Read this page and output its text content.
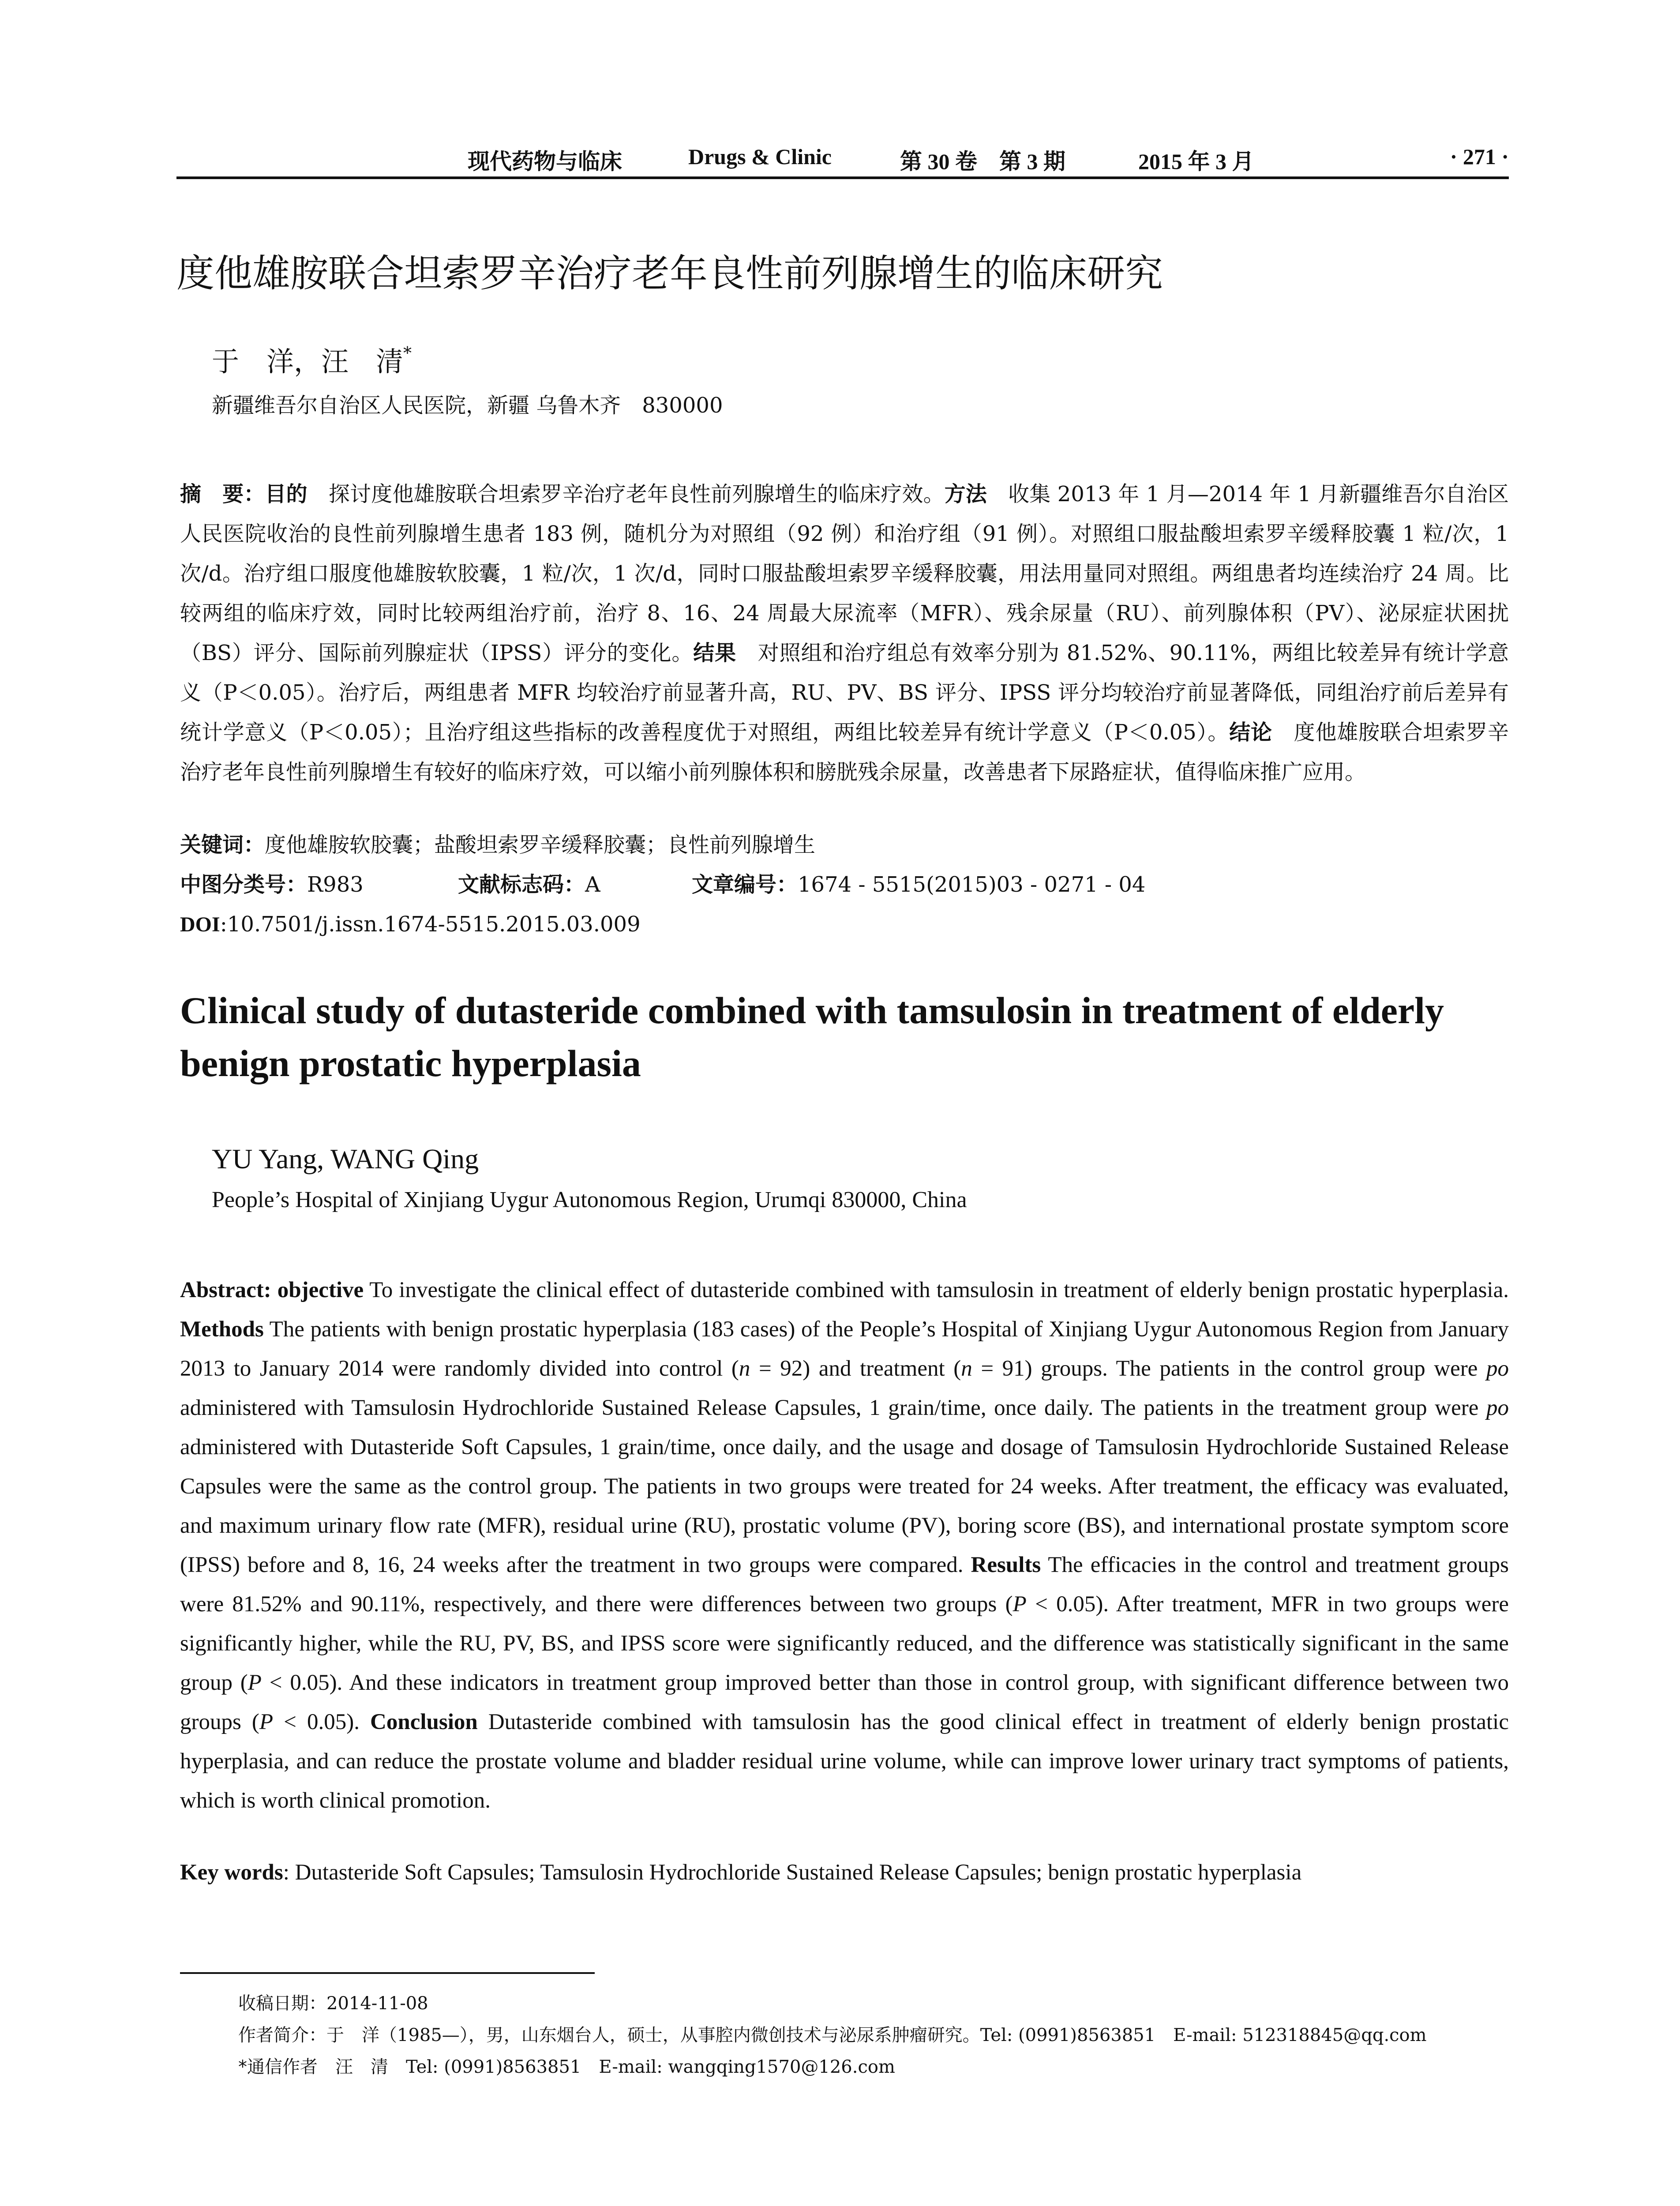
现代药物与临床	Drugs & Clinic	第 30 卷　第 3 期	2015 年 3 月	· 271 ·
度他雄胺联合坦索罗辛治疗老年良性前列腺增生的临床研究
于　洋，汪　清*
新疆维吾尔自治区人民医院，新疆 乌鲁木齐　830000
摘　要：目的　探讨度他雄胺联合坦索罗辛治疗老年良性前列腺增生的临床疗效。方法　收集 2013 年 1 月—2014 年 1 月新疆维吾尔自治区人民医院收治的良性前列腺增生患者 183 例，随机分为对照组（92 例）和治疗组（91 例）。对照组口服盐酸坦索罗辛缓释胶囊 1 粒/次，1 次/d。治疗组口服度他雄胺软胶囊，1 粒/次，1 次/d，同时口服盐酸坦索罗辛缓释胶囊，用法用量同对照组。两组患者均连续治疗 24 周。比较两组的临床疗效，同时比较两组治疗前，治疗 8、16、24 周最大尿流率（MFR）、残余尿量（RU）、前列腺体积（PV）、泌尿症状困扰（BS）评分、国际前列腺症状（IPSS）评分的变化。结果　对照组和治疗组总有效率分别为 81.52%、90.11%，两组比较差异有统计学意义（P＜0.05）。治疗后，两组患者 MFR 均较治疗前显著升高，RU、PV、BS 评分、IPSS 评分均较治疗前显著降低，同组治疗前后差异有统计学意义（P＜0.05）；且治疗组这些指标的改善程度优于对照组，两组比较差异有统计学意义（P＜0.05）。结论　度他雄胺联合坦索罗辛治疗老年良性前列腺增生有较好的临床疗效，可以缩小前列腺体积和膀胱残余尿量，改善患者下尿路症状，值得临床推广应用。
关键词：度他雄胺软胶囊；盐酸坦索罗辛缓释胶囊；良性前列腺增生
中图分类号：R983	文献标志码：A	文章编号：1674 - 5515(2015)03 - 0271 - 04
DOI:10.7501/j.issn.1674-5515.2015.03.009
Clinical study of dutasteride combined with tamsulosin in treatment of elderly benign prostatic hyperplasia
YU Yang, WANG Qing
People’s Hospital of Xinjiang Uygur Autonomous Region, Urumqi 830000, China
Abstract: objective To investigate the clinical effect of dutasteride combined with tamsulosin in treatment of elderly benign prostatic hyperplasia. Methods The patients with benign prostatic hyperplasia (183 cases) of the People’s Hospital of Xinjiang Uygur Autonomous Region from January 2013 to January 2014 were randomly divided into control (n = 92) and treatment (n = 91) groups. The patients in the control group were po administered with Tamsulosin Hydrochloride Sustained Release Capsules, 1 grain/time, once daily. The patients in the treatment group were po administered with Dutasteride Soft Capsules, 1 grain/time, once daily, and the usage and dosage of Tamsulosin Hydrochloride Sustained Release Capsules were the same as the control group. The patients in two groups were treated for 24 weeks. After treatment, the efficacy was evaluated, and maximum urinary flow rate (MFR), residual urine (RU), prostatic volume (PV), boring score (BS), and international prostate symptom score (IPSS) before and 8, 16, 24 weeks after the treatment in two groups were compared. Results The efficacies in the control and treatment groups were 81.52% and 90.11%, respectively, and there were differences between two groups (P < 0.05). After treatment, MFR in two groups were significantly higher, while the RU, PV, BS, and IPSS score were significantly reduced, and the difference was statistically significant in the same group (P < 0.05). And these indicators in treatment group improved better than those in control group, with significant difference between two groups (P < 0.05). Conclusion Dutasteride combined with tamsulosin has the good clinical effect in treatment of elderly benign prostatic hyperplasia, and can reduce the prostate volume and bladder residual urine volume, while can improve lower urinary tract symptoms of patients, which is worth clinical promotion.
Key words: Dutasteride Soft Capsules; Tamsulosin Hydrochloride Sustained Release Capsules; benign prostatic hyperplasia
收稿日期：2014-11-08
作者简介：于　洋（1985—），男，山东烟台人，硕士，从事腔内微创技术与泌尿系肿瘤研究。Tel: (0991)8563851　E-mail: 512318845@qq.com
*通信作者　汪　清　Tel: (0991)8563851　E-mail: wangqing1570@126.com
